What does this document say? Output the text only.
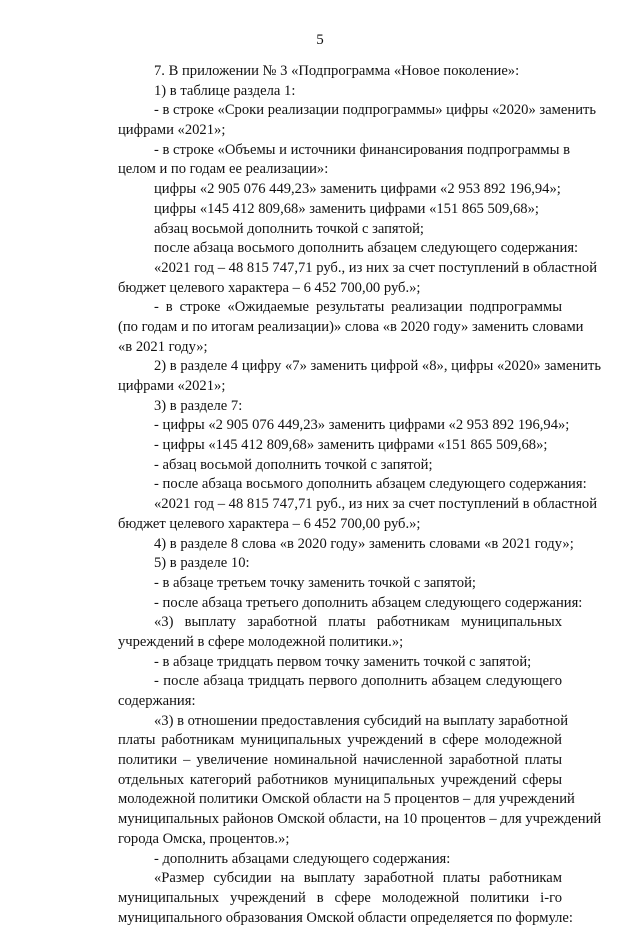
5
7. В приложении № 3 «Подпрограмма «Новое поколение»:
1) в таблице раздела 1:
- в строке «Сроки реализации подпрограммы» цифры «2020» заменить
цифрами «2021»;
- в строке «Объемы и источники финансирования подпрограммы в
целом и по годам ее реализации»:
цифры «2 905 076 449,23» заменить цифрами «2 953 892 196,94»;
цифры «145 412 809,68» заменить цифрами «151 865 509,68»;
абзац восьмой дополнить точкой с запятой;
после абзаца восьмого дополнить абзацем следующего содержания:
«2021 год – 48 815 747,71 руб., из них за счет поступлений в областной
бюджет целевого характера – 6 452 700,00 руб.»;
- в строке «Ожидаемые результаты реализации подпрограммы
(по годам и по итогам реализации)» слова «в 2020 году» заменить словами
«в 2021 году»;
2) в разделе 4 цифру «7» заменить цифрой «8», цифры «2020» заменить
цифрами «2021»;
3) в разделе 7:
- цифры «2 905 076 449,23» заменить цифрами «2 953 892 196,94»;
- цифры «145 412 809,68» заменить цифрами «151 865 509,68»;
- абзац восьмой дополнить точкой с запятой;
- после абзаца восьмого дополнить абзацем следующего содержания:
«2021 год – 48 815 747,71 руб., из них за счет поступлений в областной
бюджет целевого характера – 6 452 700,00 руб.»;
4) в разделе 8 слова «в 2020 году» заменить словами «в 2021 году»;
5) в разделе 10:
- в абзаце третьем точку заменить точкой с запятой;
- после абзаца третьего дополнить абзацем следующего содержания:
«3) выплату заработной платы работникам муниципальных
учреждений в сфере молодежной политики.»;
- в абзаце тридцать первом точку заменить точкой с запятой;
- после абзаца тридцать первого дополнить абзацем следующего
содержания:
«3) в отношении предоставления субсидий на выплату заработной
платы работникам муниципальных учреждений в сфере молодежной
политики – увеличение номинальной начисленной заработной платы
отдельных категорий работников муниципальных учреждений сферы
молодежной политики Омской области на 5 процентов – для учреждений
муниципальных районов Омской области, на 10 процентов – для учреждений
города Омска, процентов.»;
- дополнить абзацами следующего содержания:
«Размер субсидии на выплату заработной платы работникам
муниципальных учреждений в сфере молодежной политики i-го
муниципального образования Омской области определяется по формуле:
